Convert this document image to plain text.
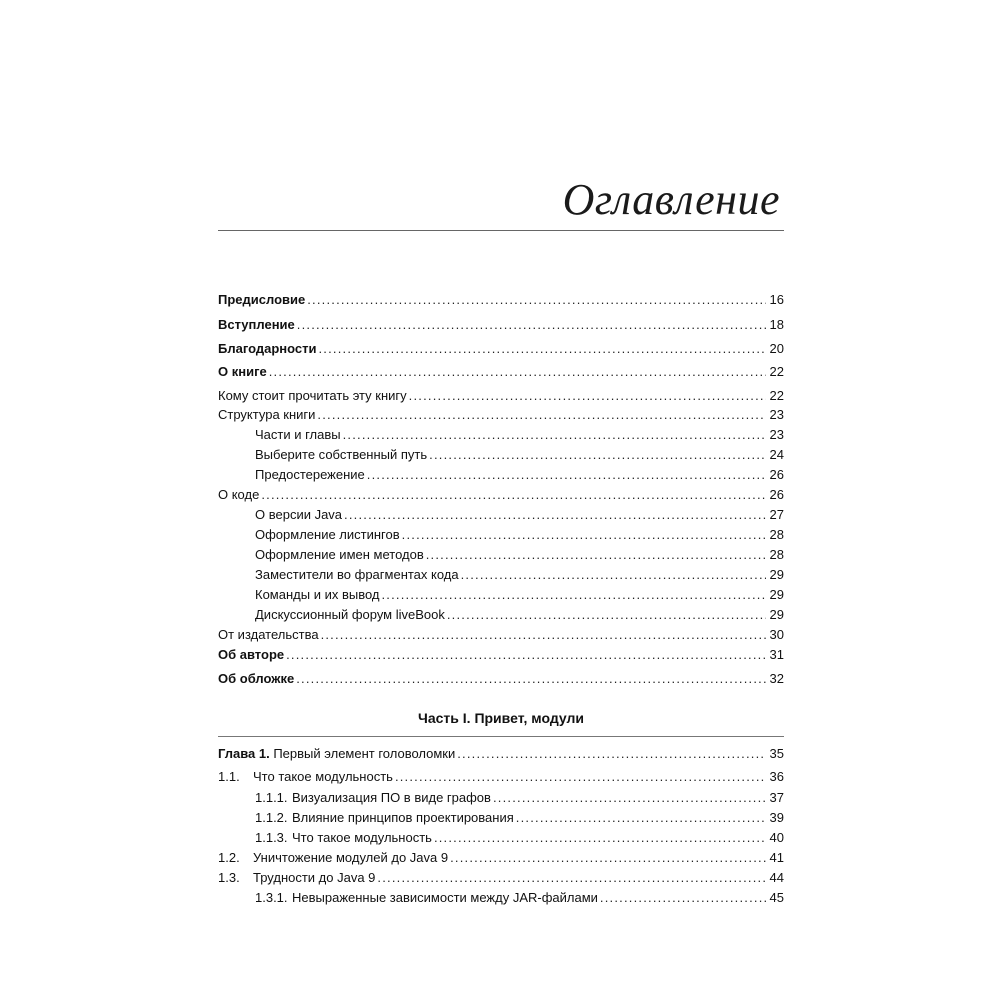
Оглавление
Предисловие .....	16
Вступление .....	18
Благодарности .....	20
О книге .....	22
Кому стоит прочитать эту книгу .....	22
Структура книги .....	23
Части и главы .....	23
Выберите собственный путь .....	24
Предостережение .....	26
О коде .....	26
О версии Java .....	27
Оформление листингов .....	28
Оформление имен методов .....	28
Заместители во фрагментах кода .....	29
Команды и их вывод .....	29
Дискуссионный форум liveBook .....	29
От издательства .....	30
Об авторе .....	31
Об обложке .....	32
Глава 1. Первый элемент головоломки .....	35
1.1.	Что такое модульность .....	36
1.1.1. Визуализация ПО в виде графов .....	37
1.1.2. Влияние принципов проектирования .....	39
1.1.3. Что такое модульность .....	40
1.2.	Уничтожение модулей до Java 9 .....	41
1.3.	Трудности до Java 9 .....	44
1.3.1. Невыраженные зависимости между JAR-файлами .....	45
Часть I. Привет, модули
